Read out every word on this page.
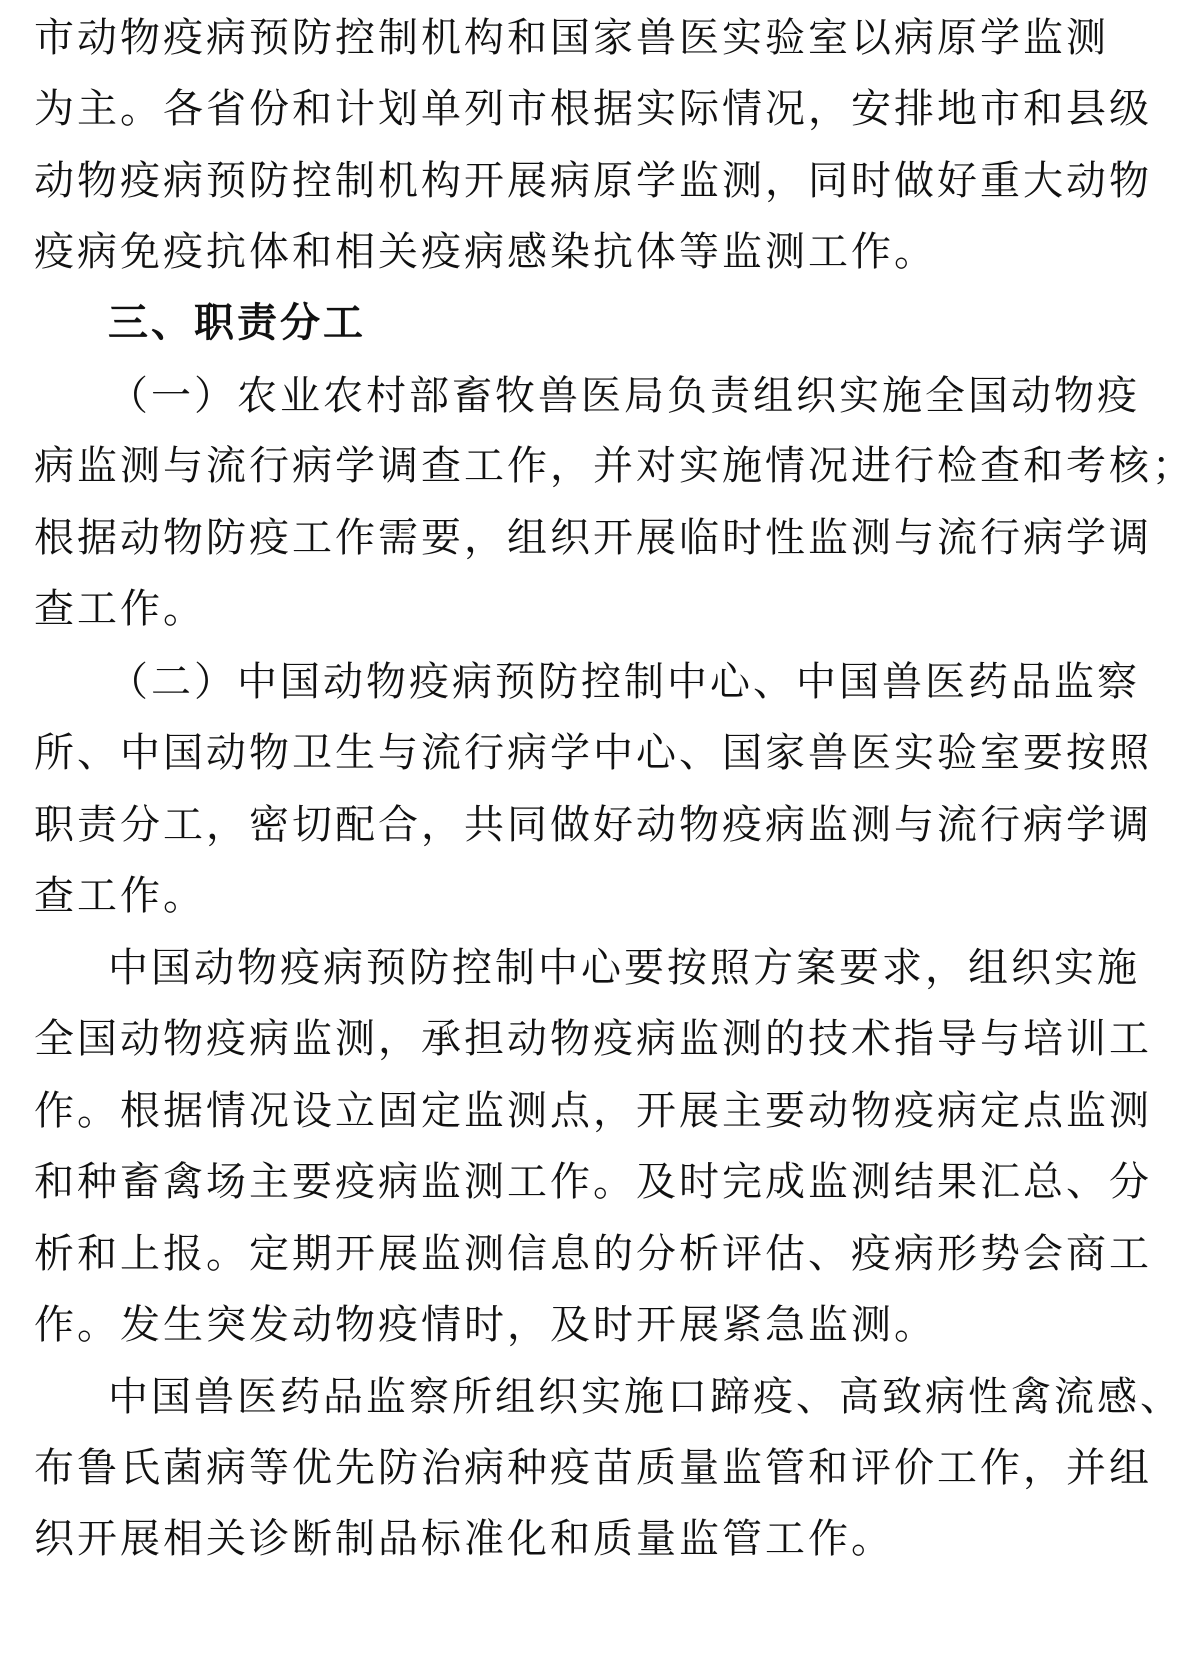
市动物疫病预防控制机构和国家兽医实验室以病原学监测
为主。各省份和计划单列市根据实际情况，安排地市和县级
动物疫病预防控制机构开展病原学监测，同时做好重大动物
疫病免疫抗体和相关疫病感染抗体等监测工作。
三、职责分工
（一）农业农村部畜牧兽医局负责组织实施全国动物疫
病监测与流行病学调查工作，并对实施情况进行检查和考核；
根据动物防疫工作需要，组织开展临时性监测与流行病学调
查工作。
（二）中国动物疫病预防控制中心、中国兽医药品监察
所、中国动物卫生与流行病学中心、国家兽医实验室要按照
职责分工，密切配合，共同做好动物疫病监测与流行病学调
查工作。
中国动物疫病预防控制中心要按照方案要求，组织实施
全国动物疫病监测，承担动物疫病监测的技术指导与培训工
作。根据情况设立固定监测点，开展主要动物疫病定点监测
和种畜禽场主要疫病监测工作。及时完成监测结果汇总、分
析和上报。定期开展监测信息的分析评估、疫病形势会商工
作。发生突发动物疫情时，及时开展紧急监测。
中国兽医药品监察所组织实施口蹄疫、高致病性禽流感、
布鲁氏菌病等优先防治病种疫苗质量监管和评价工作，并组
织开展相关诊断制品标准化和质量监管工作。
